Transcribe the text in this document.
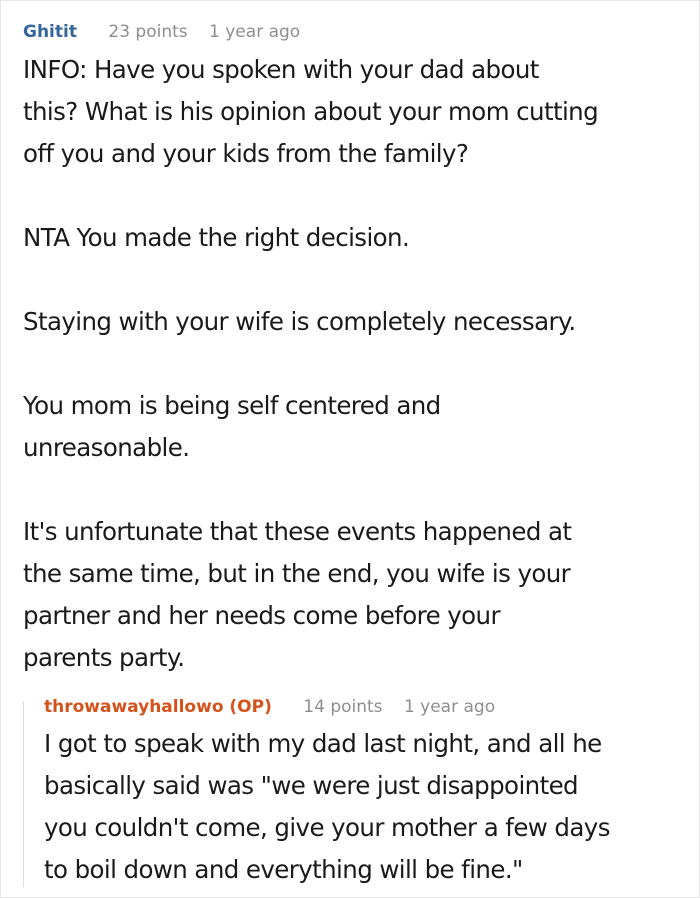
Ghitit 23 points 1 year ago

INFO: Have you spoken with your dad about

this? What is his opinion about your mom cutting

off you and your kids from the family?

NTA You made the right decision.

Staying with your wife is completely necessary.

You mom is being self centered and

unreasonable.

It's unfortunate that these events happened at

the same time, but in the end, you wife is your

partner and her needs come before your

parents party.

throwawayhallowo (OP) 14 points 1 year ago

I got to speak with my dad last night, and all he

basically said was "we were just disappointed

you couldn't come, give your mother a few days

to boil down and everything will be fine."
